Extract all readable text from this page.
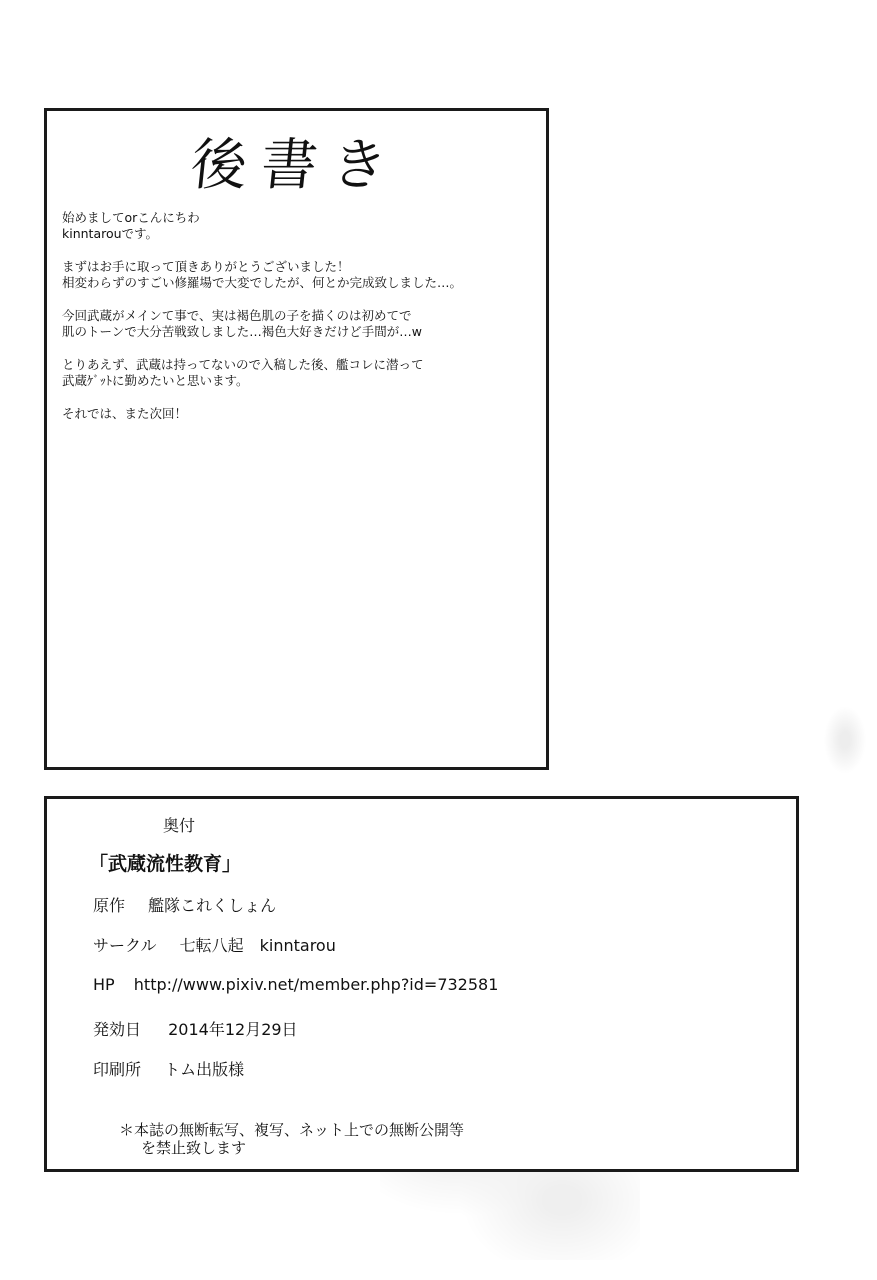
後書き

始めましてorこんにちわ
kinntarouです。

まずはお手に取って頂きありがとうございました！
相変わらずのすごい修羅場で大変でしたが、何とか完成致しました…。

今回武蔵がメインて事で、実は褐色肌の子を描くのは初めてで
肌のトーンで大分苦戦致しました…褐色大好きだけど手間が…w

とりあえず、武蔵は持ってないので入稿した後、艦コレに潜って
武蔵ｹﾞｯﾄに勤めたいと思います。

それでは、また次回！

奥付
「武蔵流性教育」
原作 艦隊これくしょん
サークル 七転八起　kinntarou
HP http://www.pixiv.net/member.php?id=732581
発効日 2014年12月29日
印刷所 トム出版様
＊本誌の無断転写、複写、ネット上での無断公開等
を禁止致します
